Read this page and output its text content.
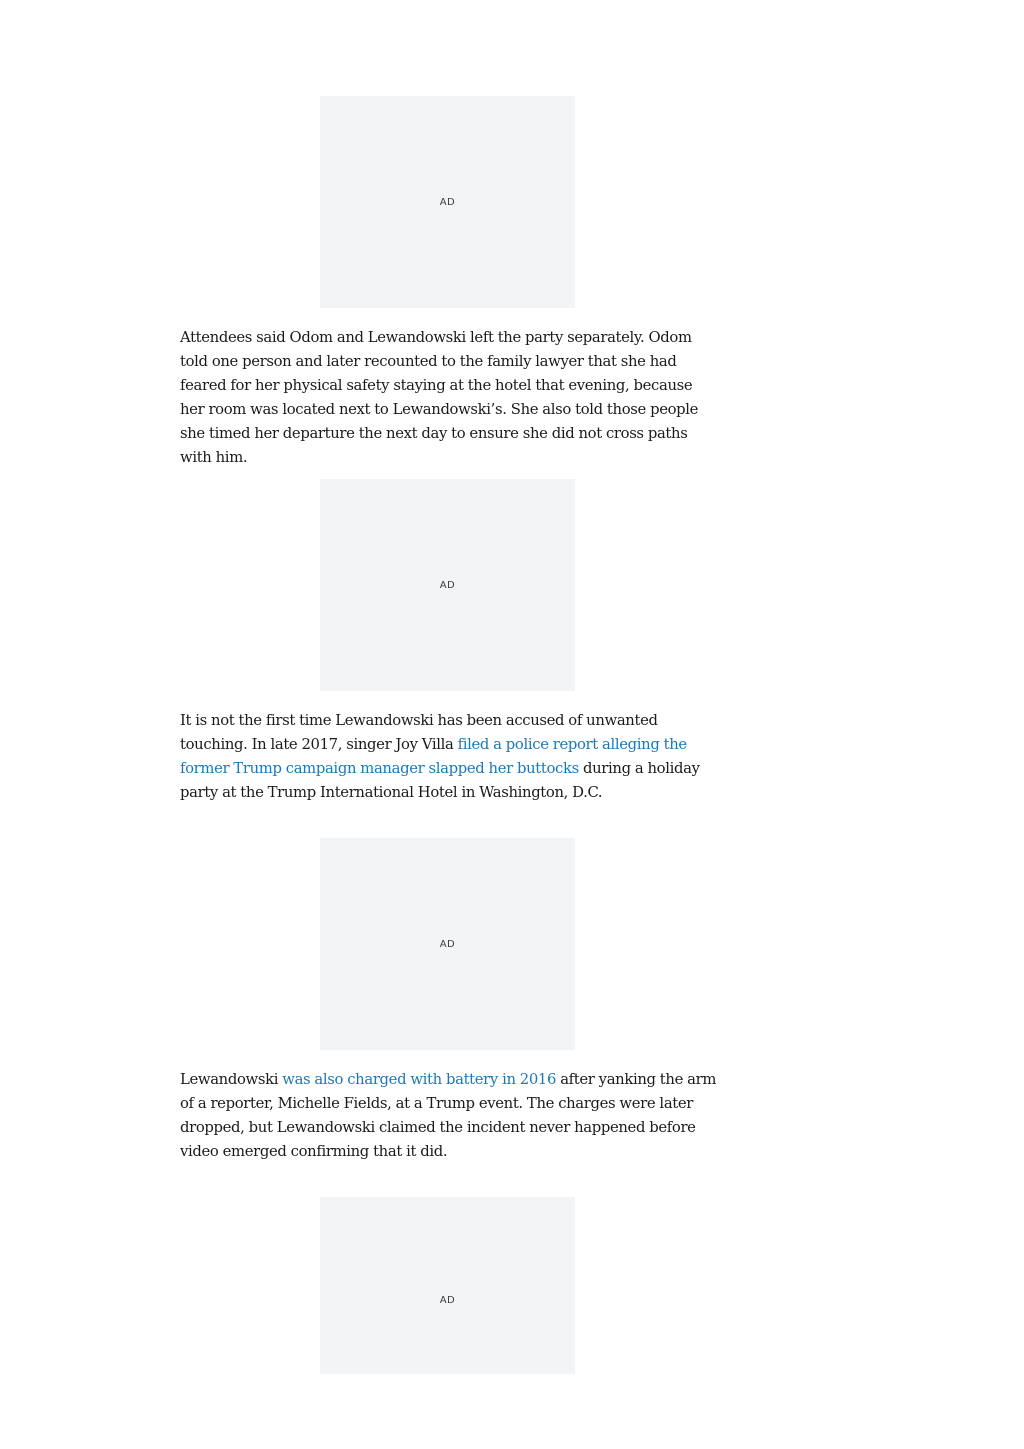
AD

Attendees said Odom and Lewandowski left the party separately. Odom told one person and later recounted to the family lawyer that she had feared for her physical safety staying at the hotel that evening, because her room was located next to Lewandowski’s. She also told those people she timed her departure the next day to ensure she did not cross paths with him.

AD

It is not the first time Lewandowski has been accused of unwanted touching. In late 2017, singer Joy Villa filed a police report alleging the former Trump campaign manager slapped her buttocks during a holiday party at the Trump International Hotel in Washington, D.C.

AD

Lewandowski was also charged with battery in 2016 after yanking the arm of a reporter, Michelle Fields, at a Trump event. The charges were later dropped, but Lewandowski claimed the incident never happened before video emerged confirming that it did.

AD
